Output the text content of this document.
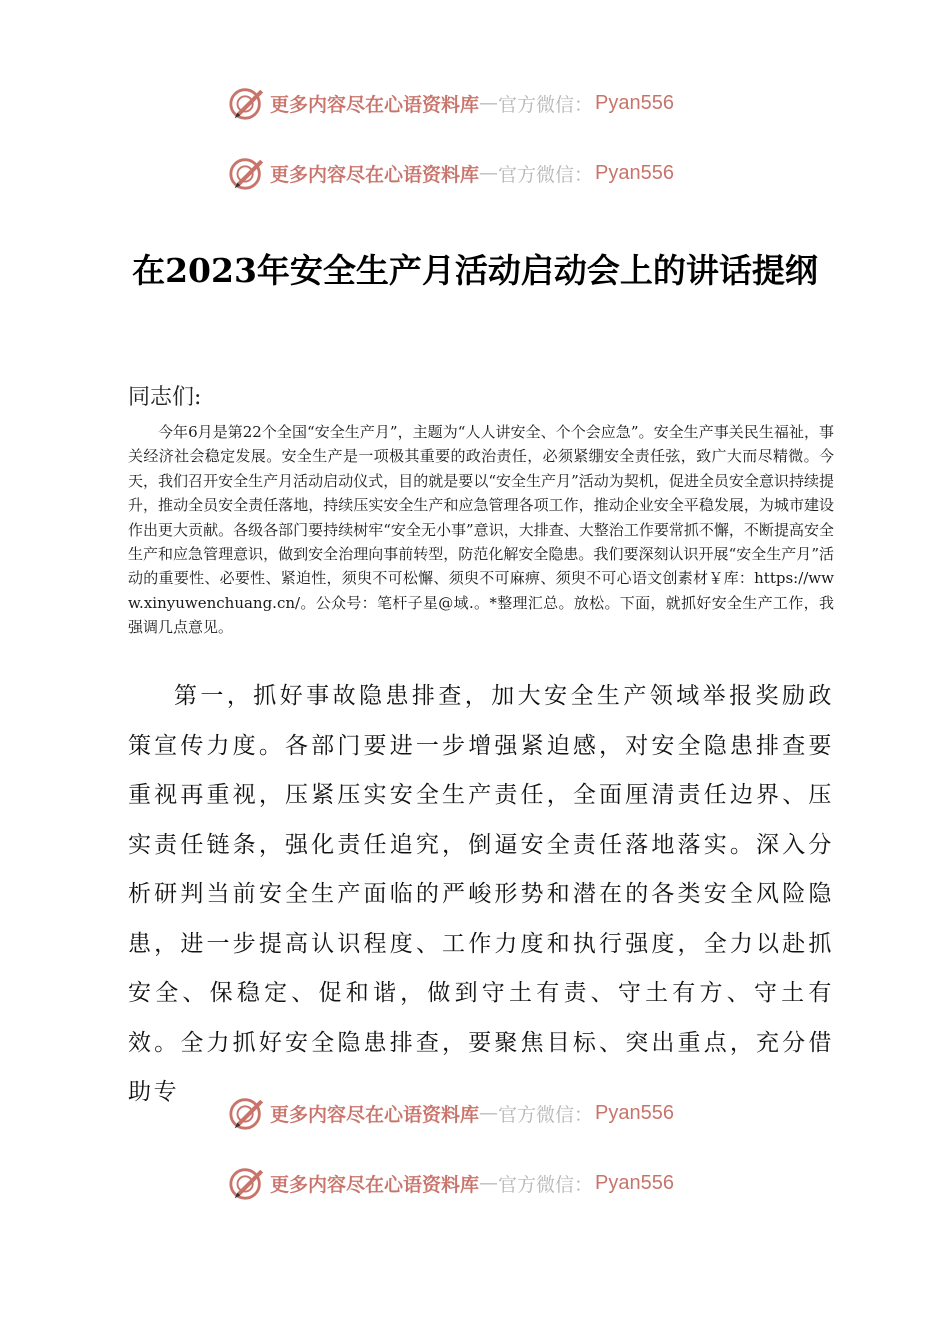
更多内容尽在心语资料库 — 官方微信： Pyan556
更多内容尽在心语资料库 — 官方微信： Pyan556
在2023年安全生产月活动启动会上的讲话提纲

同志们:

今年6月是第22个全国“安全生产月”，主题为“人人讲安全、个个会应急”。安全生产事关民生福祉，事关经济社会稳定发展。安全生产是一项极其重要的政治责任，必须紧绷安全责任弦，致广大而尽精微。今天，我们召开安全生产月活动启动仪式，目的就是要以“安全生产月”活动为契机，促进全员安全意识持续提升，推动全员安全责任落地，持续压实安全生产和应急管理各项工作，推动企业安全平稳发展，为城市建设作出更大贡献。各级各部门要持续树牢“安全无小事”意识，大排查、大整治工作要常抓不懈，不断提高安全生产和应急管理意识，做到安全治理向事前转型，防范化解安全隐患。我们要深刻认识开展“安全生产月”活动的重要性、必要性、紧迫性，须臾不可松懈、须臾不可麻痹、须臾不可心语文创素材￥库：https://www.xinyuwenchuang.cn/。公众号：笔杆子星@域.。*整理汇总。放松。下面，就抓好安全生产工作，我强调几点意见。

第一，抓好事故隐患排查，加大安全生产领域举报奖励政策宣传力度。各部门要进一步增强紧迫感，对安全隐患排查要重视再重视，压紧压实安全生产责任，全面厘清责任边界、压实责任链条，强化责任追究，倒逼安全责任落地落实。深入分析研判当前安全生产面临的严峻形势和潜在的各类安全风险隐患，进一步提高认识程度、工作力度和执行强度，全力以赴抓安全、保稳定、促和谐，做到守土有责、守土有方、守土有效。全力抓好安全隐患排查，要聚焦目标、突出重点，充分借助专

更多内容尽在心语资料库 — 官方微信： Pyan556
更多内容尽在心语资料库 — 官方微信： Pyan556
